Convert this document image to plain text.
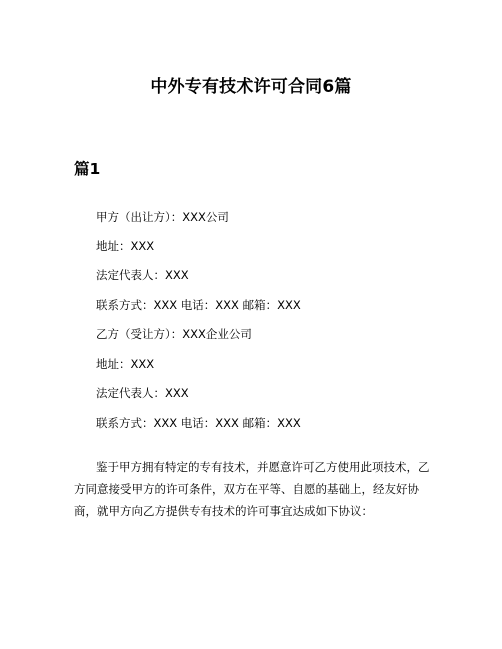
中外专有技术许可合同6篇
篇1
甲方（出让方）：XXX公司
地址：XXX
法定代表人：XXX
联系方式：XXX 电话：XXX 邮箱：XXX
乙方（受让方）：XXX企业公司
地址：XXX
法定代表人：XXX
联系方式：XXX 电话：XXX 邮箱：XXX
鉴于甲方拥有特定的专有技术，并愿意许可乙方使用此项技术，乙方同意接受甲方的许可条件，双方在平等、自愿的基础上，经友好协商，就甲方向乙方提供专有技术的许可事宜达成如下协议：
